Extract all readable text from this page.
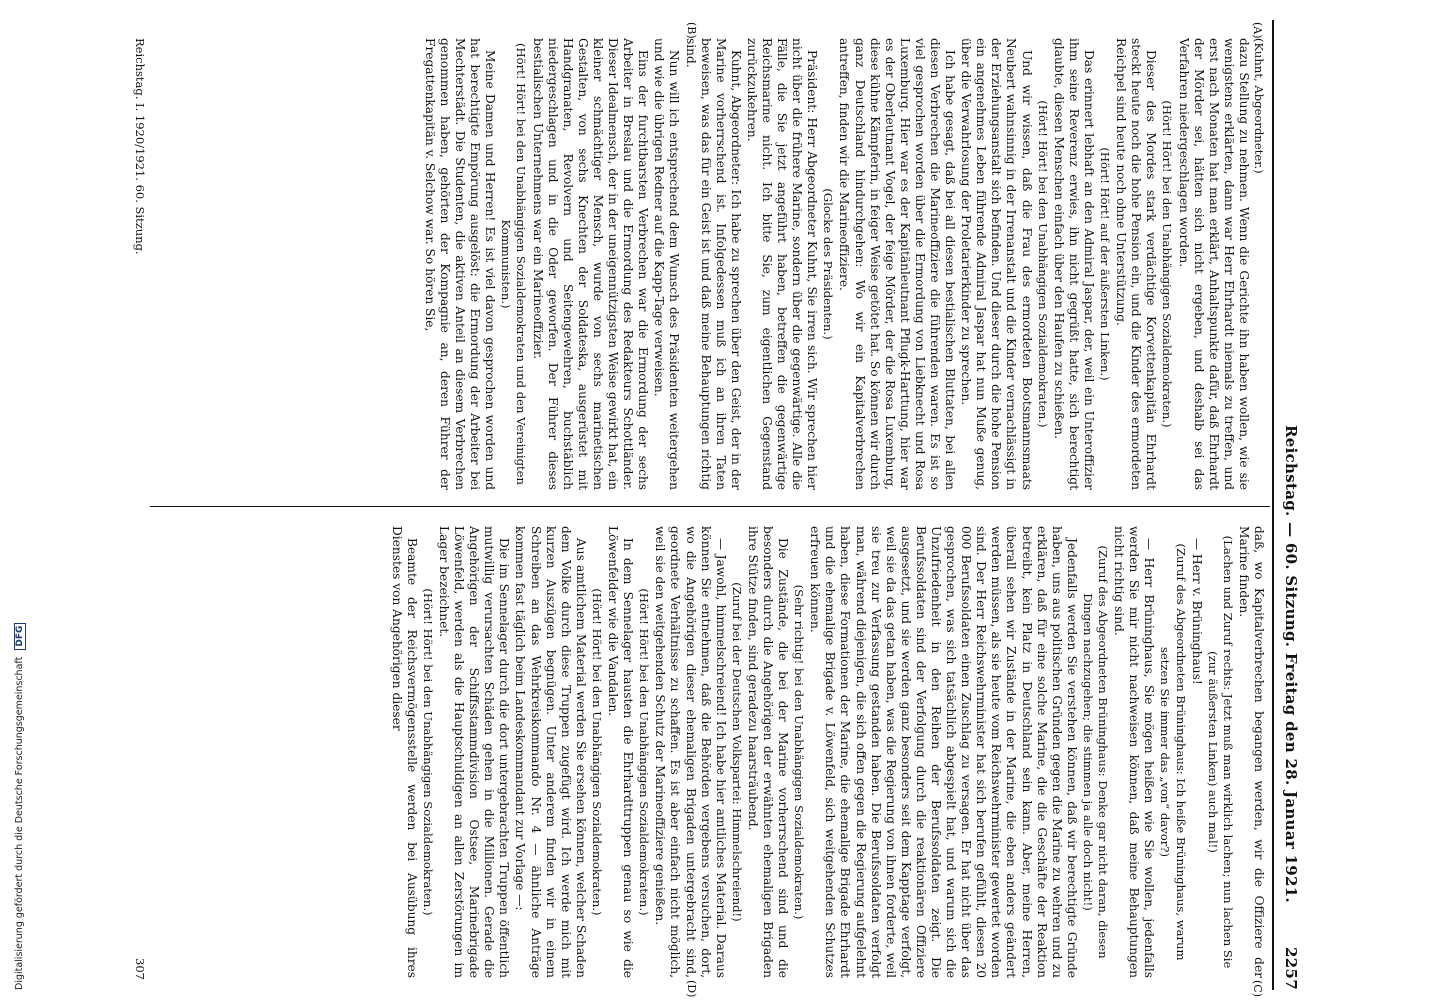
Reichstag. — 60. Sitzung. Freitag den 28. Januar 1921.
2257
(A)
(B)
(C)
(D)

(Kuhnt, Abgeordneter.)

dazu Stellung zu nehmen. Wenn die Gerichte ihn haben wollen, wie sie wenigstens erklärten, dann war Herr Ehrhardt niemals zu treffen, und erst nach Monaten hat man erklärt, Anhaltspunkte dafür, daß Ehrhardt der Mörder sei, hätten sich nicht ergeben, und deshalb sei das Verfahren niedergeschlagen worden.

(Hört! Hört! bei den Unabhängigen Sozialdemokraten.)

Dieser des Mordes stark verdächtige Korvettenkapitän Ehrhardt steckt heute noch die hohe Pension ein, und die Kinder des ermordeten Reichpel sind heute noch ohne Unterstützung.

(Hört! Hört! auf der äußersten Linken.)

Das erinnert lebhaft an den Admiral Jaspar, der, weil ein Unteroffizier ihm seine Reverenz erwies, ihn nicht gegrüßt hatte, sich berechtigt glaubte, diesen Menschen einfach über den Haufen zu schießen.

(Hört! Hört! bei den Unabhängigen Sozialdemokraten.)

Und wir wissen, daß die Frau des ermordeten Bootsmannsmaats Neubert wahnsinnig in der Irrenanstalt und die Kinder vernachlässigt in der Erziehungsanstalt sich befinden. Und dieser durch die hohe Pension ein angenehmes Leben führende Admiral Jaspar hat nun Muße genug, über die Verwahrlosung der Proletarierkinder zu sprechen.

Ich habe gesagt, daß bei all diesen bestialischen Bluttaten, bei allen diesen Verbrechen die Marineoffiziere die führenden waren. Es ist so viel gesprochen worden über die Ermordung von Liebknecht und Rosa Luxemburg. Hier war es der Kapitänleutnant Pflugk-Harttung, hier war es der Oberleutnant Vogel, der feige Mörder, der die Rosa Luxemburg, diese kühne Kämpferin, in feiger Weise getötet hat. So können wir durch ganz Deutschland hindurchgehen: Wo wir ein Kapitalverbrechen antreffen, finden wir die Marineoffiziere.

(Glocke des Präsidenten.)

Präsident: Herr Abgeordneter Kuhnt, Sie irren sich. Wir sprechen hier nicht über die frühere Marine, sondern über die gegenwärtige. Alle die Fälle, die Sie jetzt angeführt haben, betreffen die gegenwärtige Reichsmarine nicht. Ich bitte Sie, zum eigentlichen Gegenstand zurückzukehren.

Kuhnt, Abgeordneter: Ich habe zu sprechen über den Geist, der in der Marine vorherrschend ist. Infolgedessen muß ich an ihren Taten beweisen, was das für ein Geist ist und daß meine Behauptungen richtig sind.

Nun will ich entsprechend dem Wunsch des Präsidenten weitergehen und wie die übrigen Redner auf die Kapp-Tage verweisen.

Eins der furchtbarsten Verbrechen war die Ermordung der sechs Arbeiter in Breslau und die Ermordung des Redakteurs Schottländer. Dieser Idealmensch, der in der uneigennützigsten Weise gewirkt hat, ein kleiner schmächtiger Mensch, wurde von sechs marinetischen Gestalten, von sechs Knechten der Soldateska, ausgerüstet mit Handgranaten, Revolvern und Seitengewehren, buchstäblich niedergeschlagen und in die Oder geworfen. Der Führer dieses bestialischen Unternehmens war ein Marineoffizier.

(Hört! Hört! bei den Unabhängigen Sozialdemokraten und den Vereinigten Kommunisten.)

Meine Damen und Herren! Es ist viel davon gesprochen worden und hat berechtigte Empörung ausgelöst: die Ermordung der Arbeiter bei Mechterstädt. Die Studenten, die aktiven Anteil an diesem Verbrechen genommen haben, gehörten der Kompagnie an, deren Führer der Fregattenkapitän v. Selchow war. So hören Sie,

daß, wo Kapitalverbrechen begangen werden, wir die Offiziere der Marine finden.

(Lachen und Zuruf rechts: Jetzt muß man wirklich lachen; nun lachen Sie (zur äußersten Linken) auch mal!)

— Herr v. Brüninghaus!

(Zuruf des Abgeordneten Brüninghaus: Ich heiße Brüninghaus, warum setzen Sie immer das „von“ davor?)

— Herr Brüninghaus, Sie mögen heißen wie Sie wollen, jedenfalls werden Sie mir nicht nachweisen können, daß meine Behauptungen nicht richtig sind.

(Zuruf des Abgeordneten Brüninghaus: Denke gar nicht daran, diesen Dingen nachzugehen; die stimmen ja alle doch nicht!)

Jedenfalls werden Sie verstehen können, daß wir berechtigte Gründe haben, uns aus politischen Gründen gegen die Marine zu wehren und zu erklären, daß für eine solche Marine, die die Geschäfte der Reaktion betreibt, kein Platz in Deutschland sein kann. Aber, meine Herren, überall sehen wir Zustände in der Marine, die eben anders geändert werden müssen, als sie heute vom Reichswehrminister gewertet worden sind. Der Herr Reichswehrminister hat sich berufen gefühlt, diesen 20 000 Berufssoldaten einen Zuschlag zu versagen. Er hat nicht über das gesprochen, was sich tatsächlich abgespielt hat, und warum sich die Unzufriedenheit in den Reihen der Berufssoldaten zeigt. Die Berufssoldaten sind der Verfolgung durch die reaktionären Offiziere ausgesetzt, und sie werden ganz besonders seit dem Kapptage verfolgt, weil sie da das getan haben, was die Regierung von ihnen forderte, weil sie treu zur Verfassung gestanden haben. Die Berufssoldaten verfolgt man, während diejenigen, die sich offen gegen die Regierung aufgelehnt haben, diese Formationen der Marine, die ehemalige Brigade Ehrhardt und die ehemalige Brigade v. Löwenfeld, sich weitgehenden Schutzes erfreuen können.

(Sehr richtig! bei den Unabhängigen Sozialdemokraten.)

Die Zustände, die bei der Marine vorherrschend sind und die besonders durch die Angehörigen der erwähnten ehemaligen Brigaden ihre Stütze finden, sind geradezu haarsträubend.

(Zuruf bei der Deutschen Volkspartei: Himmelschreiend!)

— Jawohl, himmelschreiend! Ich habe hier amtliches Material. Daraus können Sie entnehmen, daß die Behörden vergebens versuchen, dort, wo die Angehörigen dieser ehemaligen Brigaden untergebracht sind, geordnete Verhältnisse zu schaffen. Es ist aber einfach nicht möglich, weil sie den weitgehenden Schutz der Marineoffiziere genießen.

(Hört! Hört! bei den Unabhängigen Sozialdemokraten.)

In dem Sennelager hausten die Ehrhardttruppen genau so wie die Löwenfelder wie die Vandalen.

(Hört! Hört! bei den Unabhängigen Sozialdemokraten.)

Aus amtlichem Material werden Sie ersehen können, welcher Schaden dem Volke durch diese Truppen zugefügt wird. Ich werde mich mit kurzen Auszügen begnügen. Unter anderem finden wir in einem Schreiben an das Wehrkreiskommando Nr. 4 — ähnliche Anträge kommen fast täglich beim Landeskommandant zur Vorlage —:

Die im Sennelager durch die dort untergebrachten Truppen öffentlich mutwillig verursachten Schäden gehen in die Millionen. Gerade die Angehörigen der Schiffsstammdivision Ostsee, Marinebrigade Löwenfeld, werden als die Hauptschuldigen an allen Zerstörungen im Lager bezeichnet.

(Hört! Hört! bei den Unabhängigen Sozialdemokraten.)

Beamte der Reichsvermögensstelle werden bei Ausübung ihres Dienstes von Angehörigen dieser

Reichstag. I. 1920/1921. 60. Sitzung.
307
Digitalisierung gefördert durch die Deutsche Forschungsgemeinschaft DFG
